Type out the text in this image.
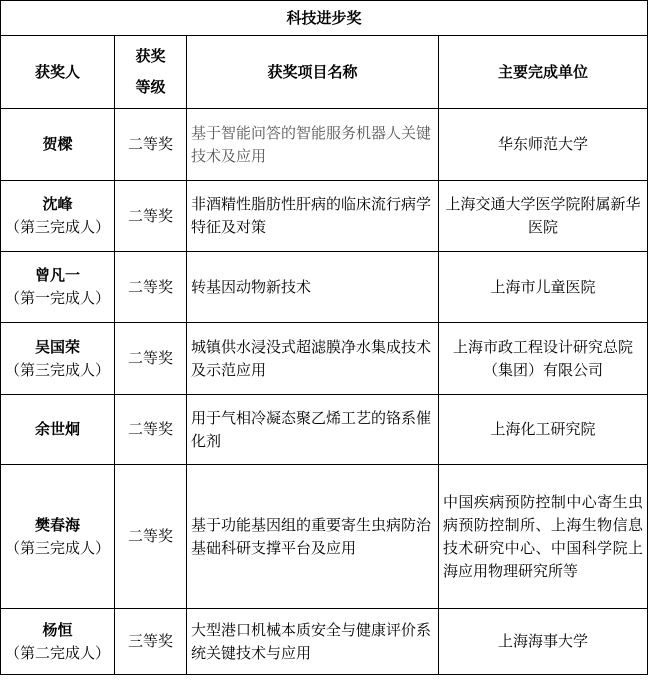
科技进步奖			
获奖人	获奖等级	获奖项目名称	主要完成单位

贺樑	二等奖	基于智能问答的智能服务机器人关键技术及应用	华东师范大学

沈峰
（第三完成人）	二等奖	非酒精性脂肪性肝病的临床流行病学特征及对策	上海交通大学医学院附属新华医院

曾凡一
（第一完成人）	二等奖	转基因动物新技术	上海市儿童医院

吴国荣
（第三完成人）	二等奖	城镇供水浸没式超滤膜净水集成技术及示范应用	上海市政工程设计研究总院（集团）有限公司

余世炯	二等奖	用于气相冷凝态聚乙烯工艺的铬系催化剂	上海化工研究院

樊春海
（第三完成人）	二等奖	基于功能基因组的重要寄生虫病防治基础科研支撑平台及应用	中国疾病预防控制中心寄生虫病预防控制所、上海生物信息技术研究中心、中国科学院上海应用物理研究所等

杨恒
（第二完成人）	三等奖	大型港口机械本质安全与健康评价系统关键技术与应用	上海海事大学
